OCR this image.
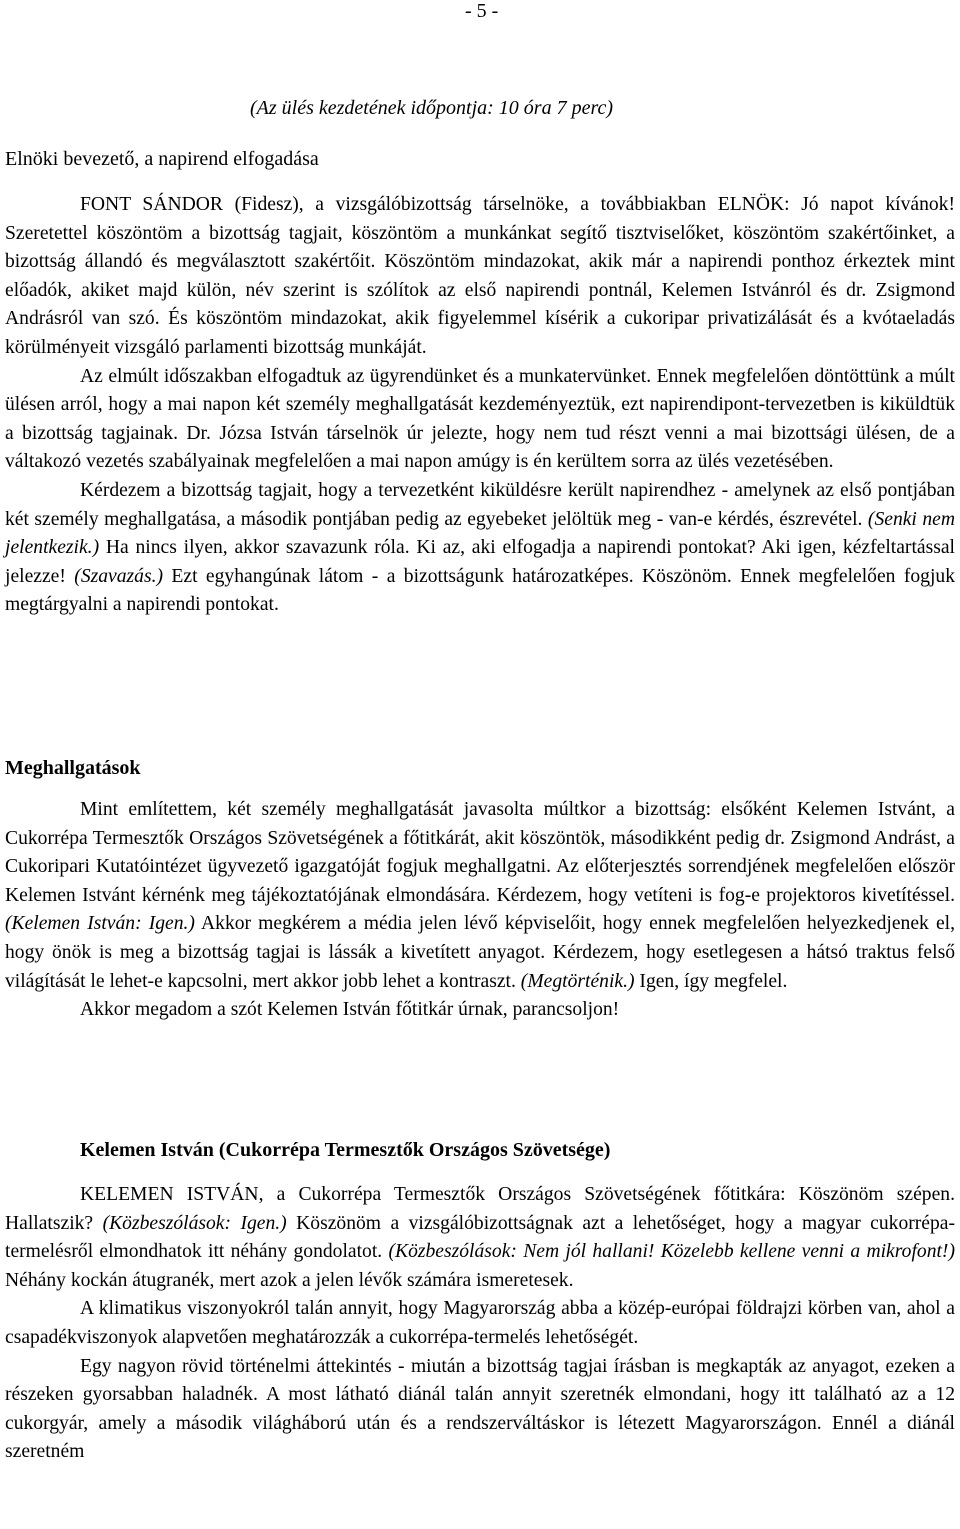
- 5 -
(Az ülés kezdetének időpontja: 10 óra 7 perc)
Elnöki bevezető, a napirend elfogadása
Meghallgatások
Kelemen István (Cukorrépa Termesztők Országos Szövetsége)

FONT SÁNDOR (Fidesz), a vizsgálóbizottság társelnöke, a továbbiakban ELNÖK: Jó napot kívánok! Szeretettel köszöntöm a bizottság tagjait, köszöntöm a munkánkat segítő tisztviselőket, köszöntöm szakértőinket, a bizottság állandó és megválasztott szakértőit. Köszöntöm mindazokat, akik már a napirendi ponthoz érkeztek mint előadók, akiket majd külön, név szerint is szólítok az első napirendi pontnál, Kelemen Istvánról és dr. Zsigmond Andrásról van szó. És köszöntöm mindazokat, akik figyelemmel kísérik a cukoripar privatizálását és a kvótaeladás körülményeit vizsgáló parlamenti bizottság munkáját.

Az elmúlt időszakban elfogadtuk az ügyrendünket és a munkatervünket. Ennek megfelelően döntöttünk a múlt ülésen arról, hogy a mai napon két személy meghallgatását kezdeményeztük, ezt napirendipont-tervezetben is kiküldtük a bizottság tagjainak. Dr. Józsa István társelnök úr jelezte, hogy nem tud részt venni a mai bizottsági ülésen, de a váltakozó vezetés szabályainak megfelelően a mai napon amúgy is én kerültem sorra az ülés vezetésében.

Kérdezem a bizottság tagjait, hogy a tervezetként kiküldésre került napirendhez - amelynek az első pontjában két személy meghallgatása, a második pontjában pedig az egyebeket jelöltük meg - van-e kérdés, észrevétel. (Senki nem jelentkezik.) Ha nincs ilyen, akkor szavazunk róla. Ki az, aki elfogadja a napirendi pontokat? Aki igen, kézfeltartással jelezze! (Szavazás.) Ezt egyhangúnak látom - a bizottságunk határozatképes. Köszönöm. Ennek megfelelően fogjuk megtárgyalni a napirendi pontokat.

Mint említettem, két személy meghallgatását javasolta múltkor a bizottság: elsőként Kelemen Istvánt, a Cukorrépa Termesztők Országos Szövetségének a főtitkárát, akit köszöntök, másodikként pedig dr. Zsigmond Andrást, a Cukoripari Kutatóintézet ügyvezető igazgatóját fogjuk meghallgatni. Az előterjesztés sorrendjének megfelelően először Kelemen Istvánt kérnénk meg tájékoztatójának elmondására. Kérdezem, hogy vetíteni is fog-e projektoros kivetítéssel. (Kelemen István: Igen.) Akkor megkérem a média jelen lévő képviselőit, hogy ennek megfelelően helyezkedjenek el, hogy önök is meg a bizottság tagjai is lássák a kivetített anyagot. Kérdezem, hogy esetlegesen a hátsó traktus felső világítását le lehet-e kapcsolni, mert akkor jobb lehet a kontraszt. (Megtörténik.) Igen, így megfelel.

Akkor megadom a szót Kelemen István főtitkár úrnak, parancsoljon!

KELEMEN ISTVÁN, a Cukorrépa Termesztők Országos Szövetségének főtitkára: Köszönöm szépen. Hallatszik? (Közbeszólások: Igen.) Köszönöm a vizsgálóbizottságnak azt a lehetőséget, hogy a magyar cukorrépa-termelésről elmondhatok itt néhány gondolatot. (Közbeszólások: Nem jól hallani! Közelebb kellene venni a mikrofont!) Néhány kockán átugranék, mert azok a jelen lévők számára ismeretesek.

A klimatikus viszonyokról talán annyit, hogy Magyarország abba a közép-európai földrajzi körben van, ahol a csapadékviszonyok alapvetően meghatározzák a cukorrépa-termelés lehetőségét.

Egy nagyon rövid történelmi áttekintés - miután a bizottság tagjai írásban is megkapták az anyagot, ezeken a részeken gyorsabban haladnék. A most látható diánál talán annyit szeretnék elmondani, hogy itt található az a 12 cukorgyár, amely a második világháború után és a rendszerváltáskor is létezett Magyarországon. Ennél a diánál szeretném
